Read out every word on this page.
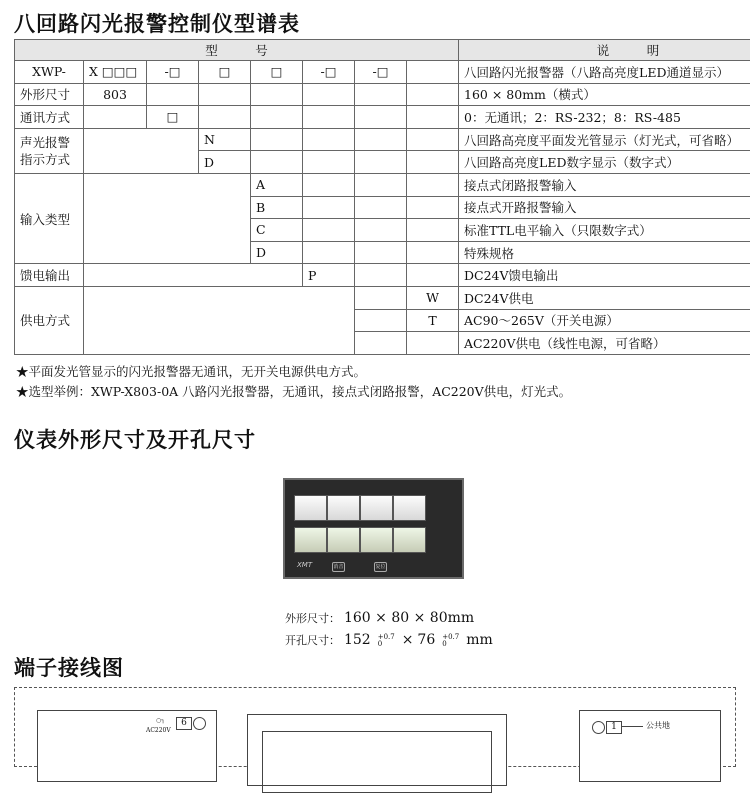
八回路闪光报警控制仪型谱表
型　　　号								说　　　明
XWP-	X □□□	-□	□	□	-□	-□		八回路闪光报警器（八路高亮度LED通道显示）
外形尺寸	803							160 × 80mm（横式）
通讯方式		□						0：无通讯；2：RS-232；8：RS-485
声光报警
指示方式			N					八回路高亮度平面发光管显示（灯光式，可省略）
			D					八回路高亮度LED数字显示（数字式）
输入类型				A				接点式闭路报警输入
				B				接点式开路报警输入
				C				标准TTL电平输入（只限数字式）
				D				特殊规格
馈电输出					P			DC24V馈电输出
供电方式							W	DC24V供电
							T	AC90～265V（开关电源）
								AC220V供电（线性电源，可省略）
★平面发光管显示的闪光报警器无通讯，无开关电源供电方式。
★选型举例：XWP-X803-0A 八路闪光报警器，无通讯，接点式闭路报警，AC220V供电，灯光式。
仪表外形尺寸及开孔尺寸
XMT	消音	复位
外形尺寸： 160 × 80 × 80mm
开孔尺寸： 152 +0.7
0	× 76 +0.7
0	mm
端子接线图
AC220V
○┐	6	1	公共地
